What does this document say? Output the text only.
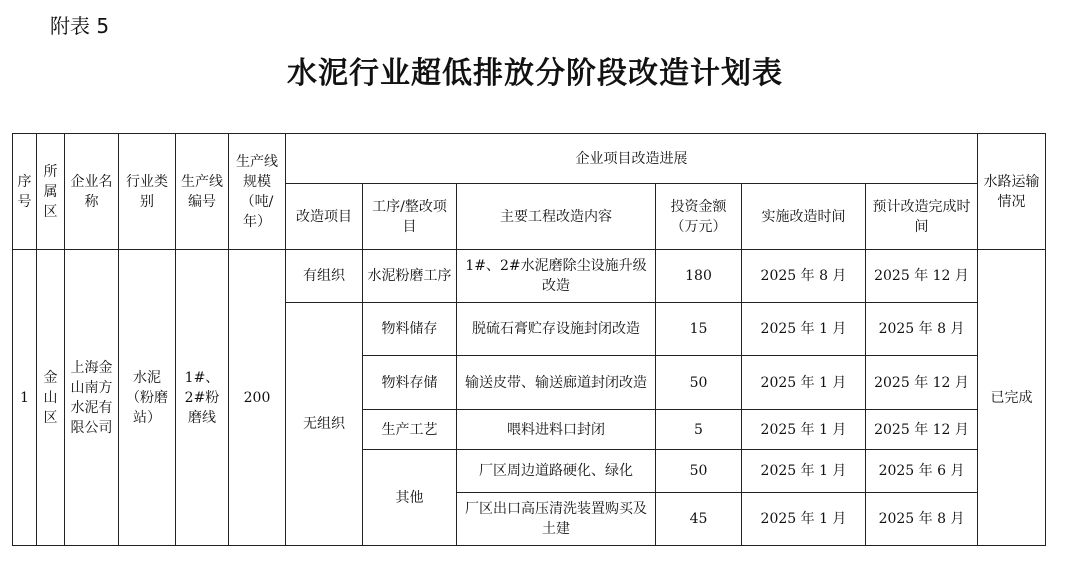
附表 5
水泥行业超低排放分阶段改造计划表
序号	所属区	企业名称	行业类别	生产线编号	生产线规模（吨/年）	企业项目改造进展						水路运输情况
						改造项目	工序/整改项目	主要工程改造内容	投资金额（万元）	实施改造时间	预计改造完成时间	
1	金山区	上海金山南方水泥有限公司	水泥（粉磨站）	1#、2#粉磨线	200	有组织	水泥粉磨工序	1#、2#水泥磨除尘设施升级改造	180	2025 年 8 月	2025 年 12 月	已完成
						无组织	物料储存	脱硫石膏贮存设施封闭改造	15	2025 年 1 月	2025 年 8 月	
							物料存储	输送皮带、输送廊道封闭改造	50	2025 年 1 月	2025 年 12 月	
							生产工艺	喂料进料口封闭	5	2025 年 1 月	2025 年 12 月	
							其他	厂区周边道路硬化、绿化	50	2025 年 1 月	2025 年 6 月	
								厂区出口高压清洗装置购买及土建	45	2025 年 1 月	2025 年 8 月	
